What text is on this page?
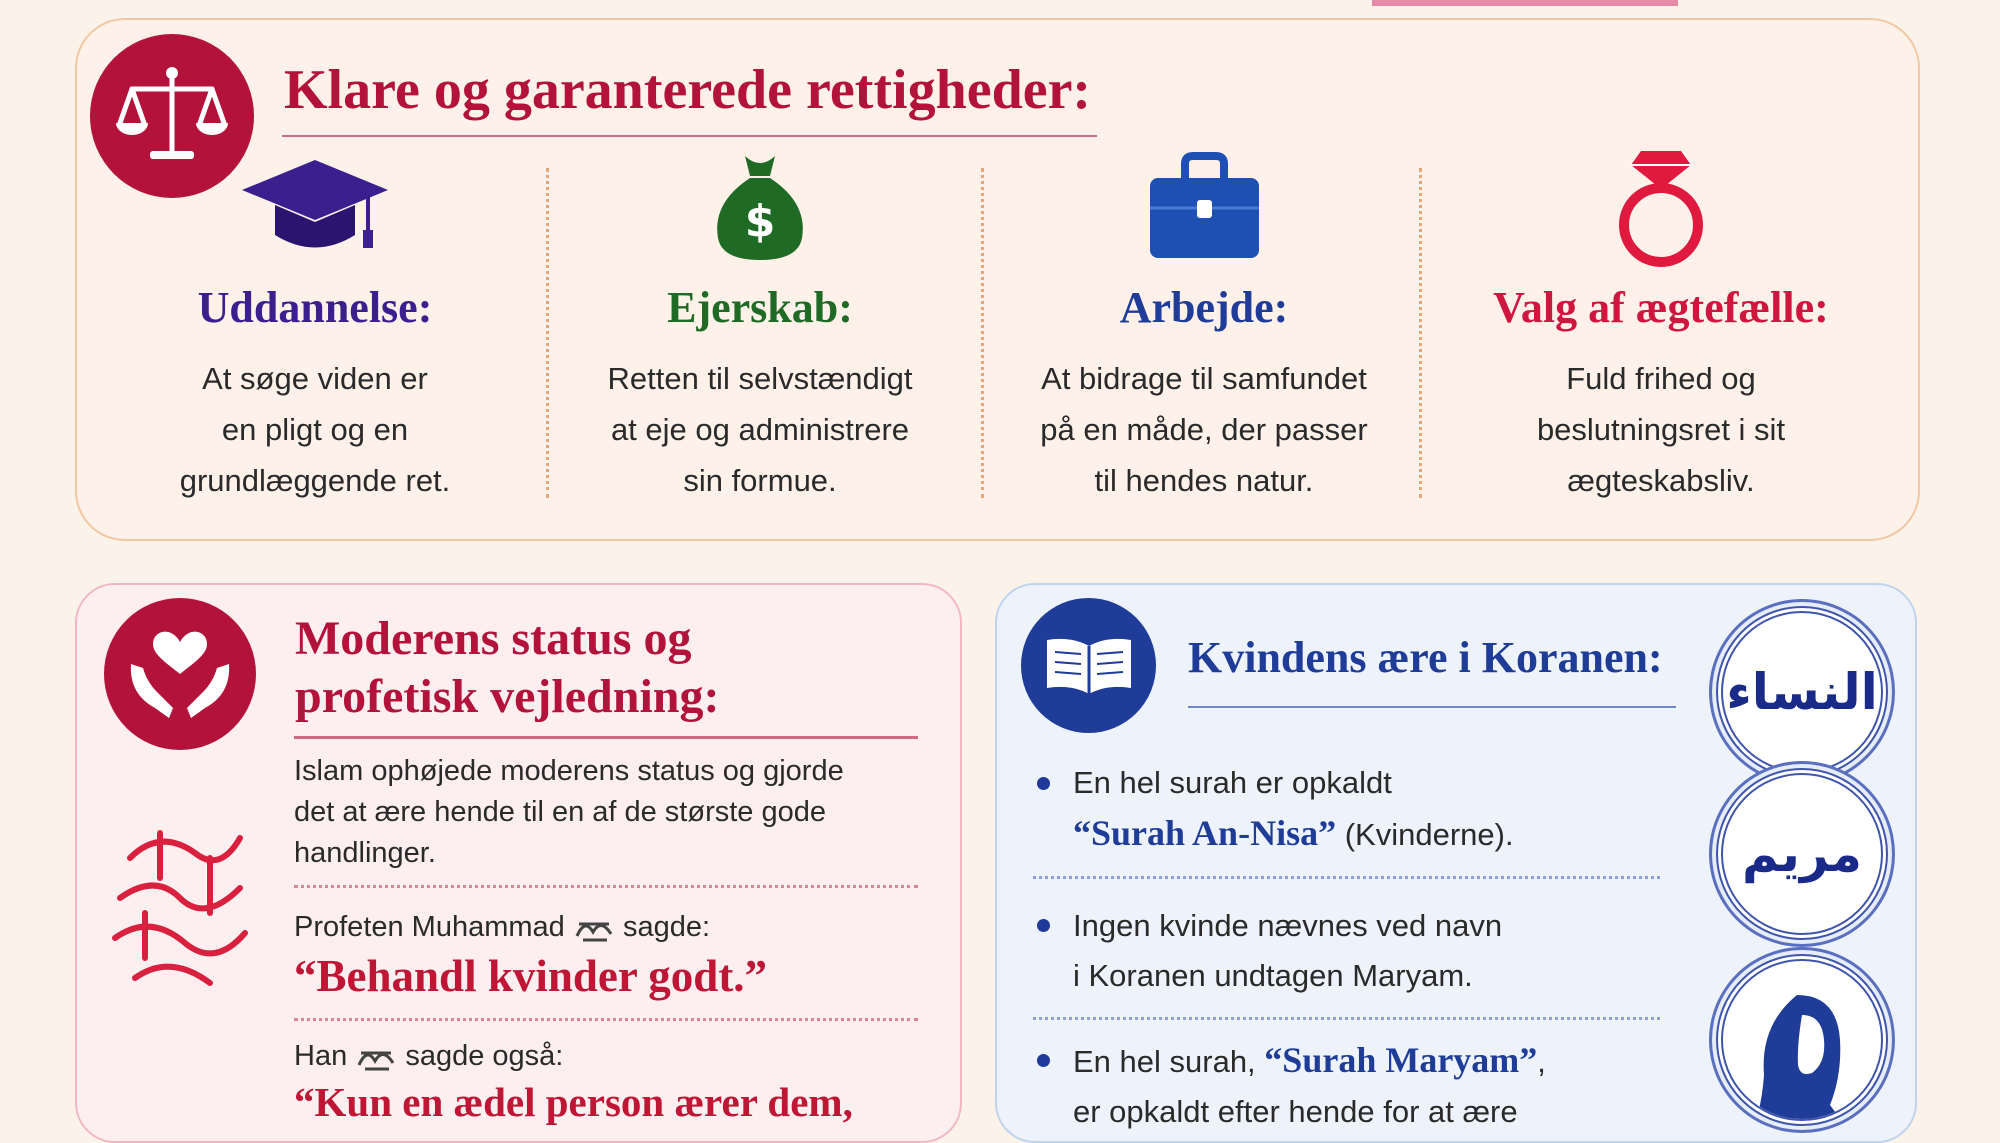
Klare og garanterede rettigheder:
Uddannelse:

At søge viden er

en pligt og en

grundlæggende ret.

$
Ejerskab:

Retten til selvstændigt

at eje og administrere

sin formue.

Arbejde:

At bidrage til samfundet

på en måde, der passer

til hendes natur.

Valg af ægtefælle:

Fuld frihed og

beslutningsret i sit

ægteskabsliv.

Moderens status og
profetisk vejledning:

Islam ophøjede moderens status og gjorde
det at ære hende til en af de største gode
handlinger.

Profeten Muhammad sagde:

“Behandl kvinder godt.”

Han sagde også:

“Kun en ædel person ærer dem,

Kvindens ære i Koranen:

En hel surah er opkaldt
“Surah An-Nisa” (Kvinderne).

Ingen kvinde nævnes ved navn
i Koranen undtagen Maryam.

En hel surah, “Surah Maryam”,
er opkaldt efter hende for at ære

النساء
مريم
